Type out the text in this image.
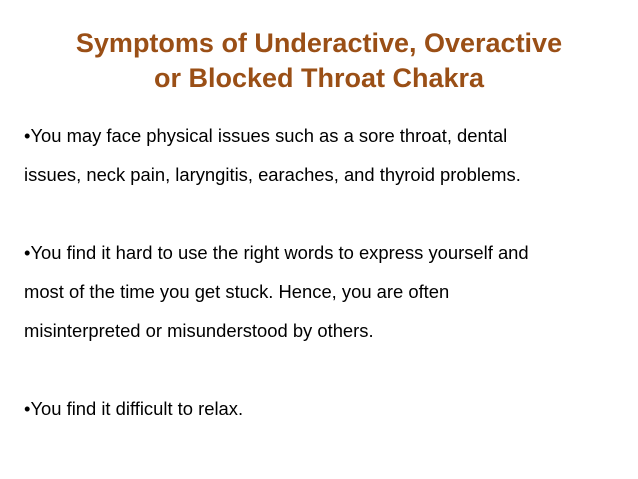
Symptoms of Underactive, Overactive
or Blocked Throat Chakra

•You may face physical issues such as a sore throat, dental
issues, neck pain, laryngitis, earaches, and thyroid problems.

•You find it hard to use the right words to express yourself and
most of the time you get stuck. Hence, you are often
misinterpreted or misunderstood by others.

•You find it difficult to relax.
